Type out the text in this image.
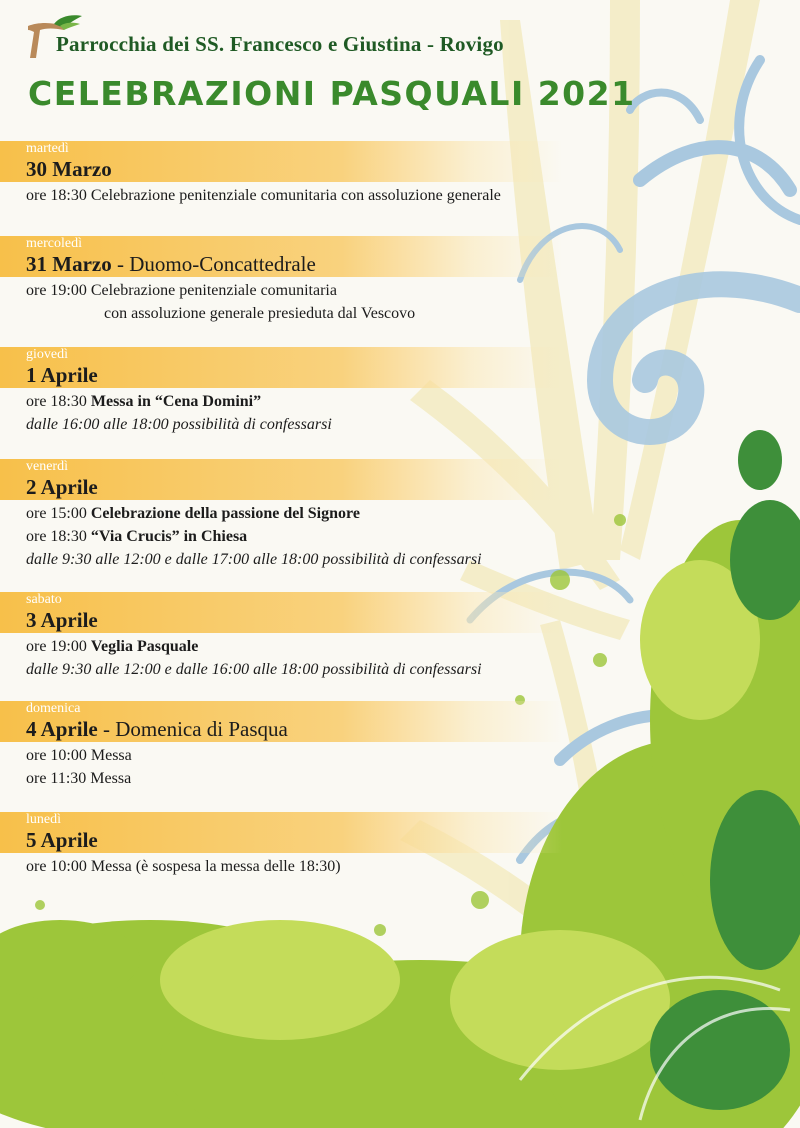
Parrocchia dei SS. Francesco e Giustina - Rovigo
CELEBRAZIONI PASQUALI 2021
martedì
30 Marzo
ore 18:30 Celebrazione penitenziale comunitaria con assoluzione generale
mercoledì
31 Marzo - Duomo-Concattedrale
ore 19:00 Celebrazione penitenziale comunitaria
con assoluzione generale presieduta dal Vescovo
giovedì
1 Aprile
ore 18:30 Messa in “Cena Domini”
dalle 16:00 alle 18:00 possibilità di confessarsi
venerdì
2 Aprile
ore 15:00 Celebrazione della passione del Signore
ore 18:30 “Via Crucis” in Chiesa
dalle 9:30 alle 12:00 e dalle 17:00 alle 18:00 possibilità di confessarsi
sabato
3 Aprile
ore 19:00 Veglia Pasquale
dalle 9:30 alle 12:00 e dalle 16:00 alle 18:00 possibilità di confessarsi
domenica
4 Aprile - Domenica di Pasqua
ore 10:00 Messa
ore 11:30 Messa
lunedì
5 Aprile
ore 10:00 Messa (è sospesa la messa delle 18:30)
